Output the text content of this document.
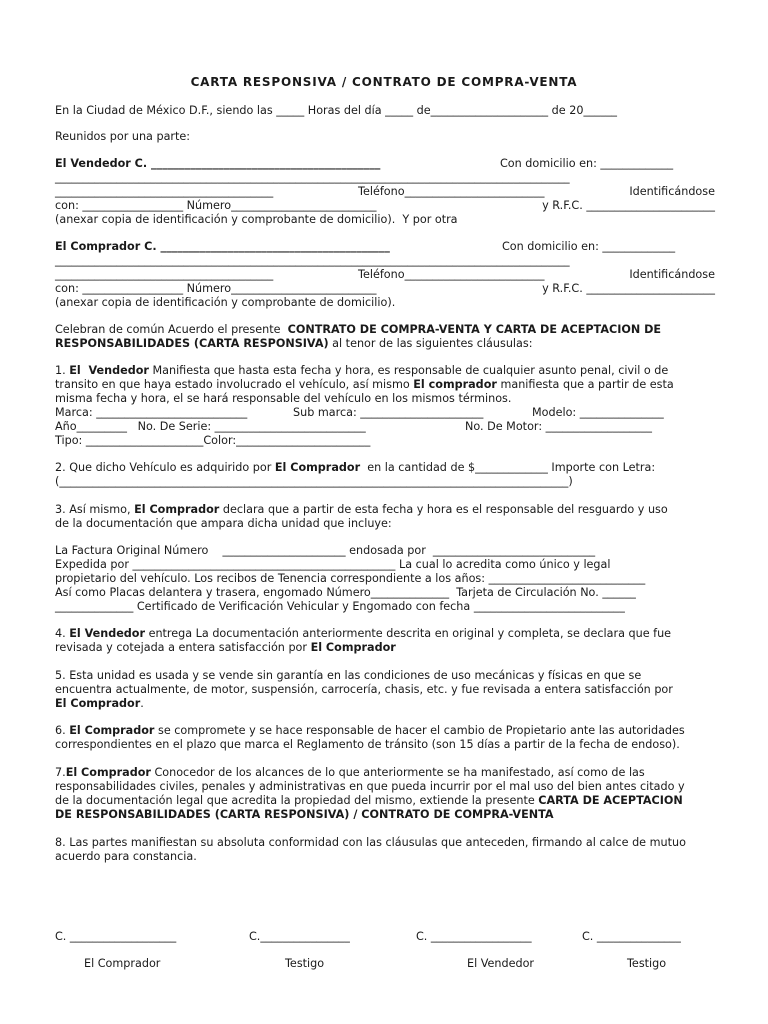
CARTA RESPONSIVA / CONTRATO DE COMPRA-VENTA
En la Ciudad de México D.F., siendo las _____ Horas del día _____ de_____________________ de 20______
Reunidos por una parte:
El Vendedor C. _________________________________________	Con domicilio en: _____________
____________________________________________________________________________________________
_______________________________________	Teléfono_________________________	Identificándose
con: __________________ Número__________________________	y R.F.C. _______________________
(anexar copia de identificación y comprobante de domicilio).  Y por otra
El Comprador C. _________________________________________	Con domicilio en: _____________
____________________________________________________________________________________________
_______________________________________	Teléfono_________________________	Identificándose
con: __________________ Número__________________________	y R.F.C. _______________________
(anexar copia de identificación y comprobante de domicilio).
Celebran de común Acuerdo el presente  CONTRATO DE COMPRA-VENTA Y CARTA DE ACEPTACION DE
RESPONSABILIDADES (CARTA RESPONSIVA) al tenor de las siguientes cláusulas:
1. El  Vendedor Manifiesta que hasta esta fecha y hora, es responsable de cualquier asunto penal, civil o de
transito en que haya estado involucrado el vehículo, así mismo El comprador manifiesta que a partir de esta
misma fecha y hora, el se hará responsable del vehículo en los mismos términos.
Marca: ___________________________	Sub marca: ______________________	Modelo: _______________
Año_________   No. De Serie: ___________________________	No. De Motor: ___________________
Tipo: _____________________Color:________________________
2. Que dicho Vehículo es adquirido por El Comprador  en la cantidad de $_____________ Importe con Letra:
(___________________________________________________________________________________________)
3. Así mismo, El Comprador declara que a partir de esta fecha y hora es el responsable del resguardo y uso
de la documentación que ampara dicha unidad que incluye:
La Factura Original Número    ______________________ endosada por  _____________________________
Expedida por _______________________________________________ La cual lo acredita como único y legal
propietario del vehículo. Los recibos de Tenencia correspondiente a los años: ____________________________
Así como Placas delantera y trasera, engomado Número______________  Tarjeta de Circulación No. ______
______________ Certificado de Verificación Vehicular y Engomado con fecha ___________________________
4. El Vendedor entrega La documentación anteriormente descrita en original y completa, se declara que fue
revisada y cotejada a entera satisfacción por El Comprador
5. Esta unidad es usada y se vende sin garantía en las condiciones de uso mecánicas y físicas en que se
encuentra actualmente, de motor, suspensión, carrocería, chasis, etc. y fue revisada a entera satisfacción por
El Comprador.
6. El Comprador se compromete y se hace responsable de hacer el cambio de Propietario ante las autoridades
correspondientes en el plazo que marca el Reglamento de tránsito (son 15 días a partir de la fecha de endoso).
7.El Comprador Conocedor de los alcances de lo que anteriormente se ha manifestado, así como de las
responsabilidades civiles, penales y administrativas en que pueda incurrir por el mal uso del bien antes citado y
de la documentación legal que acredita la propiedad del mismo, extiende la presente CARTA DE ACEPTACION
DE RESPONSABILIDADES (CARTA RESPONSIVA) / CONTRATO DE COMPRA-VENTA
8. Las partes manifiestan su absoluta conformidad con las cláusulas que anteceden, firmando al calce de mutuo
acuerdo para constancia.
C. ___________________	C.________________	C. __________________	C. _______________
El Comprador	Testigo	El Vendedor	Testigo
